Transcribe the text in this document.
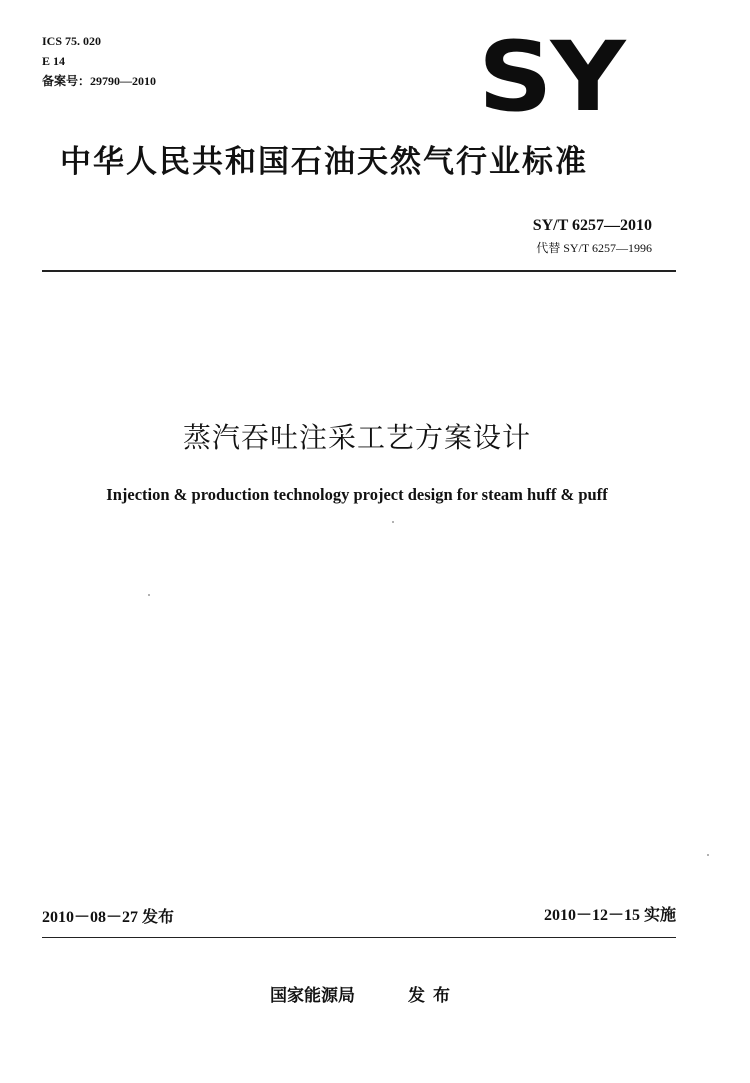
ICS 75. 020
E 14
备案号：29790—2010	SY
中华人民共和国石油天然气行业标准
SY/T 6257—2010
代替 SY/T 6257—1996
蒸汽吞吐注采工艺方案设计
Injection & production technology project design for steam huff & puff
2010－08－27 发布	2010－12－15 实施
国家能源局	发布
